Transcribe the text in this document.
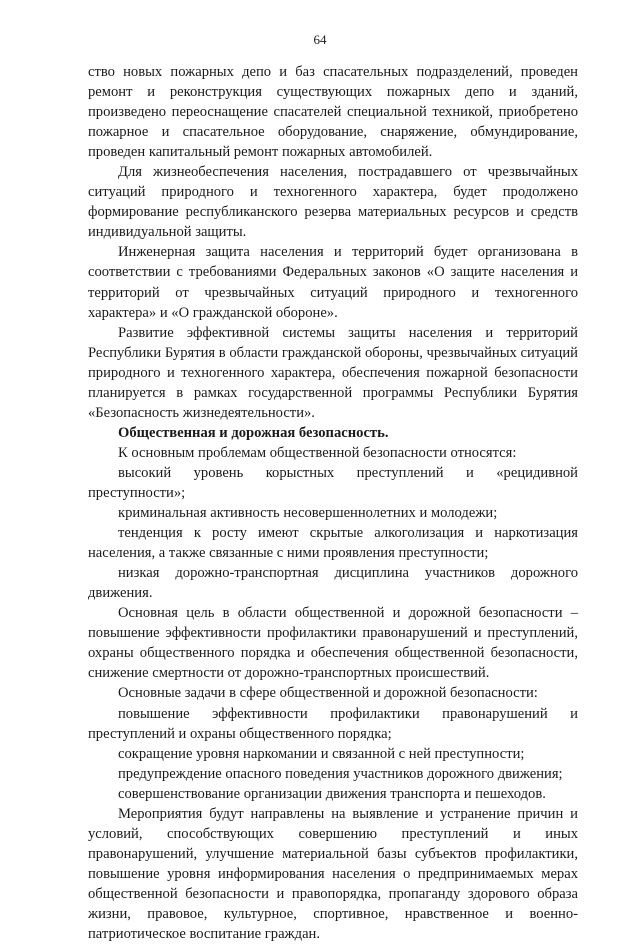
64

ство новых пожарных депо и баз спасательных подразделений, проведен ремонт и реконструкция существующих пожарных депо и зданий, произведено переоснащение спасателей специальной техникой, приобретено пожарное и спасательное оборудование, снаряжение, обмундирование, проведен капитальный ремонт пожарных автомобилей.

Для жизнеобеспечения населения, пострадавшего от чрезвычайных ситуаций природного и техногенного характера, будет продолжено формирование республиканского резерва материальных ресурсов и средств индивидуальной защиты.

Инженерная защита населения и территорий будет организована в соответствии с требованиями Федеральных законов «О защите населения и территорий от чрезвычайных ситуаций природного и техногенного характера» и «О гражданской обороне».

Развитие эффективной системы защиты населения и территорий Республики Бурятия в области гражданской обороны, чрезвычайных ситуаций природного и техногенного характера, обеспечения пожарной безопасности планируется в рамках государственной программы Республики Бурятия «Безопасность жизнедеятельности».

Общественная и дорожная безопасность.

К основным проблемам общественной безопасности относятся:

высокий уровень корыстных преступлений и «рецидивной преступности»;

криминальная активность несовершеннолетних и молодежи;

тенденция к росту имеют скрытые алкоголизация и наркотизация населения, а также связанные с ними проявления преступности;

низкая дорожно-транспортная дисциплина участников дорожного движения.

Основная цель в области общественной и дорожной безопасности – повышение эффективности профилактики правонарушений и преступлений, охраны общественного порядка и обеспечения общественной безопасности, снижение смертности от дорожно-транспортных происшествий.

Основные задачи в сфере общественной и дорожной безопасности:

повышение эффективности профилактики правонарушений и преступлений и охраны общественного порядка;

сокращение уровня наркомании и связанной с ней преступности;

предупреждение опасного поведения участников дорожного движения;

совершенствование организации движения транспорта и пешеходов.

Мероприятия будут направлены на выявление и устранение причин и условий, способствующих совершению преступлений и иных правонарушений, улучшение материальной базы субъектов профилактики, повышение уровня информирования населения о предпринимаемых мерах общественной безопасности и правопорядка, пропаганду здорового образа жизни, правовое, культурное, спортивное, нравственное и военно-патриотическое воспитание граждан.
